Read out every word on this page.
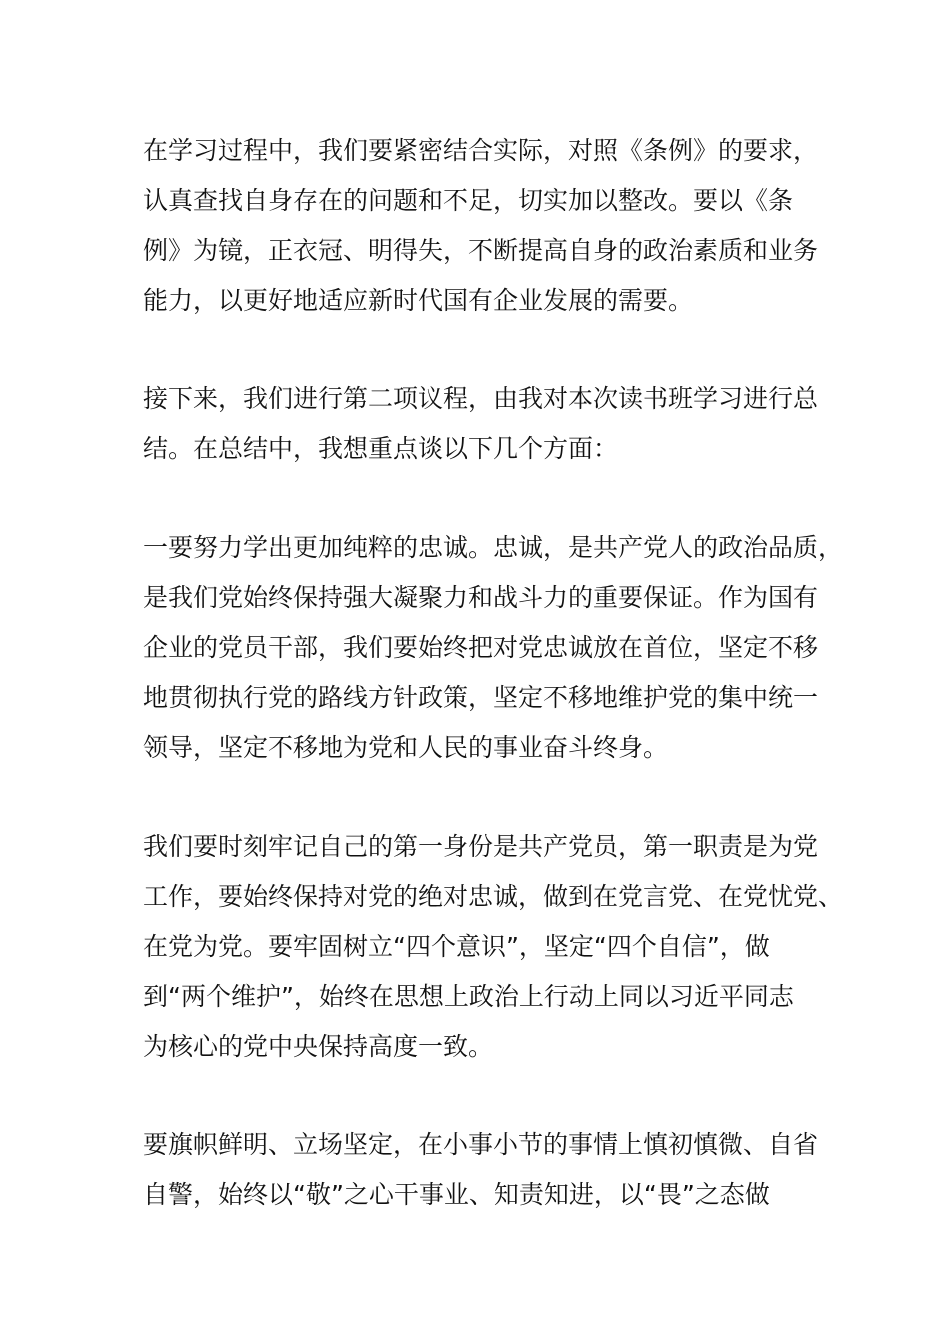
在学习过程中，我们要紧密结合实际，对照《条例》的要求，
认真查找自身存在的问题和不足，切实加以整改。要以《条
例》为镜，正衣冠、明得失，不断提高自身的政治素质和业务
能力，以更好地适应新时代国有企业发展的需要。
接下来，我们进行第二项议程，由我对本次读书班学习进行总
结。在总结中，我想重点谈以下几个方面：
一要努力学出更加纯粹的忠诚。忠诚，是共产党人的政治品质，
是我们党始终保持强大凝聚力和战斗力的重要保证。作为国有
企业的党员干部，我们要始终把对党忠诚放在首位，坚定不移
地贯彻执行党的路线方针政策，坚定不移地维护党的集中统一
领导，坚定不移地为党和人民的事业奋斗终身。
我们要时刻牢记自己的第一身份是共产党员，第一职责是为党
工作，要始终保持对党的绝对忠诚，做到在党言党、在党忧党、
在党为党。要牢固树立“四个意识”，坚定“四个自信”，做
到“两个维护”，始终在思想上政治上行动上同以习近平同志
为核心的党中央保持高度一致。
要旗帜鲜明、立场坚定，在小事小节的事情上慎初慎微、自省
自警，始终以“敬”之心干事业、知责知进，以“畏”之态做
